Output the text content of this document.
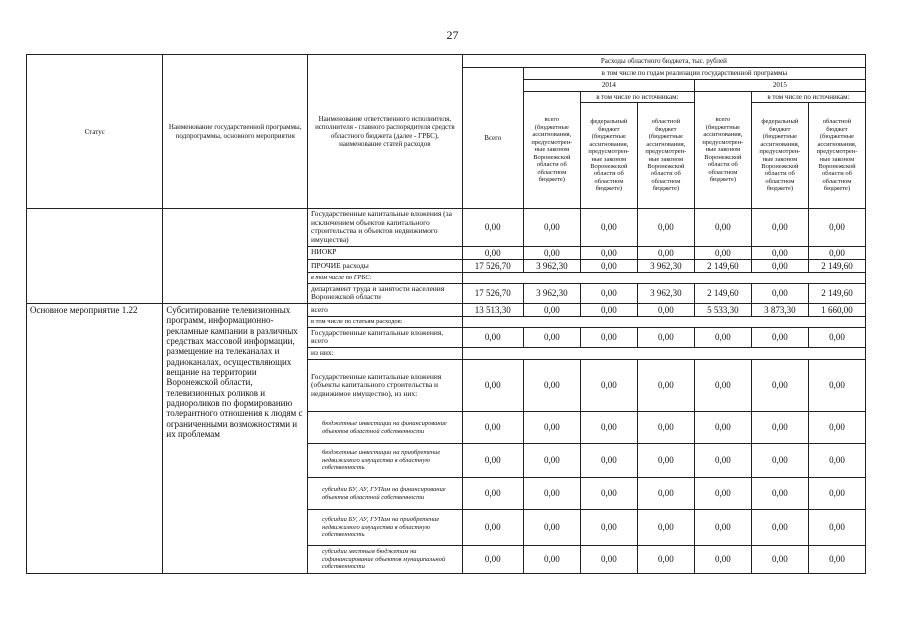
27
Статус	Наименование государственной программы, подпрограммы, основного мероприятия	Наименование ответственного исполнителя, исполнителя - главного распорядителя средств областного бюджета (далее - ГРБС), наименование статей расходов	Расходы областного бюджета, тыс. рублей						
			Всего	в том числе по годам реализации государственной программы					
				2014			2015		
				всего (бюджетные ассигнования, предусмотрен-ные законом Воронежской области об областном бюджете)	в том числе по источникам:		всего (бюджетные ассигнования, предусмотрен-ные законом Воронежской области об областном бюджете)	в том числе по источникам:	
					федеральный бюджет (бюджетные ассигнования, предусмотрен-ные законом Воронежской области об областном бюджете)	областной бюджет (бюджетные ассигнования, предусмотрен-ные законом Воронежской области об областном бюджете)		федеральный бюджет (бюджетные ассигнования, предусмотрен-ные законом Воронежской области об областном бюджете)	областной бюджет (бюджетные ассигнования, предусмотрен-ные законом Воронежской области об областном бюджете)
		Государственные капитальные вложения (за исключением объектов капитального строительства и объектов недвижимого имущества)	0,00	0,00	0,00	0,00	0,00	0,00	0,00
		НИОКР	0,00	0,00	0,00	0,00	0,00	0,00	0,00
		ПРОЧИЕ расходы	17 526,70	3 962,30	0,00	3 962,30	2 149,60	0,00	2 149,60
		в том числе по ГРБС:							
		департамент труда и занятости населения Воронежской области	17 526,70	3 962,30	0,00	3 962,30	2 149,60	0,00	2 149,60
Основное мероприятие 1.22	Субситирование телевизионных программ, информационно-рекламные кампании в различных средствах массовой информации, размещение на телеканалах и радиоканалах, осуществляющих вещание на территории Воронежской области, телевизионных роликов и радиороликов по формированию толерантного отношения к людям с ограниченными возможностями и их проблемам	всего	13 513,30	0,00	0,00	0,00	5 533,30	3 873,30	1 660,00
		в том числе по статьям расходов:							
		Государственные капитальные вложения, всего	0,00	0,00	0,00	0,00	0,00	0,00	0,00
		из них:							
		Государственные капитальные вложения (объекты капитального строительства и недвижимое имущество), из них:	0,00	0,00	0,00	0,00	0,00	0,00	0,00
		бюджетные инвестиции на финансирование объектов областной собственности	0,00	0,00	0,00	0,00	0,00	0,00	0,00
		бюджетные инвестиции на приобретение недвижимого имущества в областную собственность	0,00	0,00	0,00	0,00	0,00	0,00	0,00
		субсидии БУ, АУ, ГУПам на финансирование объектов областной собственности	0,00	0,00	0,00	0,00	0,00	0,00	0,00
		субсидии БУ, АУ, ГУПам на приобретение недвижимого имущества в областную собственность	0,00	0,00	0,00	0,00	0,00	0,00	0,00
		субсидии местным бюджетам на софинансирование объектов муниципальной собственности	0,00	0,00	0,00	0,00	0,00	0,00	0,00
